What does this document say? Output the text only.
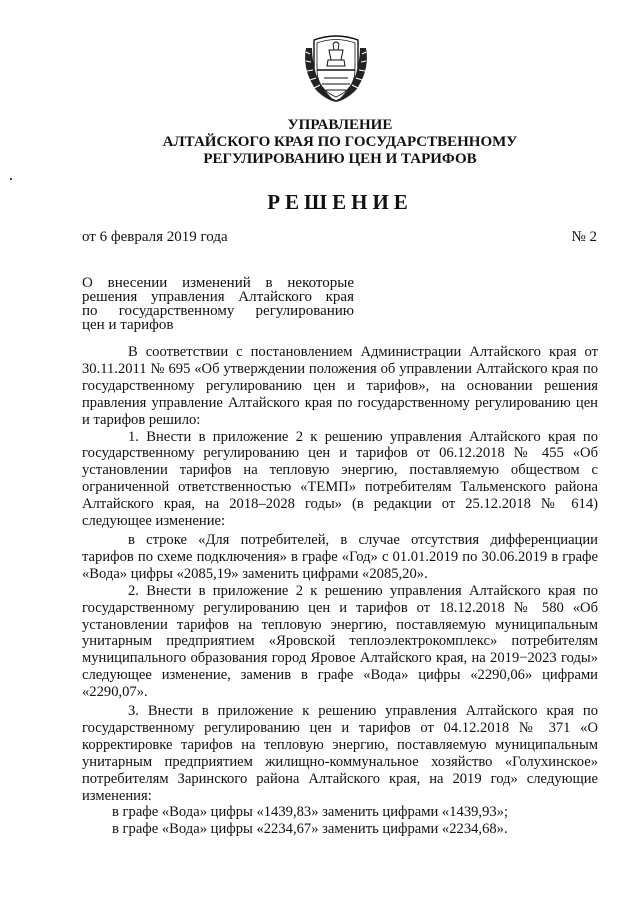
УПРАВЛЕНИЕ
АЛТАЙСКОГО КРАЯ ПО ГОСУДАРСТВЕННОМУ
РЕГУЛИРОВАНИЮ ЦЕН И ТАРИФОВ
РЕШЕНИЕ
от 6 февраля 2019 года	№ 2
О внесении изменений в некоторые
решения управления Алтайского края
по государственному регулированию
цен и тарифов

В соответствии с постановлением Администрации Алтайского края от 30.11.2011 № 695 «Об утверждении положения об управлении Алтайского края по государственному регулированию цен и тарифов», на основании решения правления управление Алтайского края по государственному регулированию цен и тарифов решило:

1. Внести в приложение 2 к решению управления Алтайского края по государственному регулированию цен и тарифов от 06.12.2018 № 455 «Об установлении тарифов на тепловую энергию, поставляемую обществом с ограниченной ответственностью «ТЕМП» потребителям Тальменского района Алтайского края, на 2018–2028 годы» (в редакции от 25.12.2018 № 614) следующее изменение:

в строке «Для потребителей, в случае отсутствия дифференциации тарифов по схеме подключения» в графе «Год» с 01.01.2019 по 30.06.2019 в графе «Вода» цифры «2085,19» заменить цифрами «2085,20».

2. Внести в приложение 2 к решению управления Алтайского края по государственному регулированию цен и тарифов от 18.12.2018 № 580 «Об установлении тарифов на тепловую энергию, поставляемую муниципальным унитарным предприятием «Яровской теплоэлектрокомплекс» потребителям муниципального образования город Яровое Алтайского края, на 2019−2023 годы» следующее изменение, заменив в графе «Вода» цифры «2290,06» цифрами «2290,07».

3. Внести в приложение к решению управления Алтайского края по государственному регулированию цен и тарифов от 04.12.2018 № 371 «О корректировке тарифов на тепловую энергию, поставляемую муниципальным унитарным предприятием жилищно-коммунальное хозяйство «Голухинское» потребителям Заринского района Алтайского края, на 2019 год» следующие изменения:

в графе «Вода» цифры «1439,83» заменить цифрами «1439,93»;

в графе «Вода» цифры «2234,67» заменить цифрами «2234,68».
